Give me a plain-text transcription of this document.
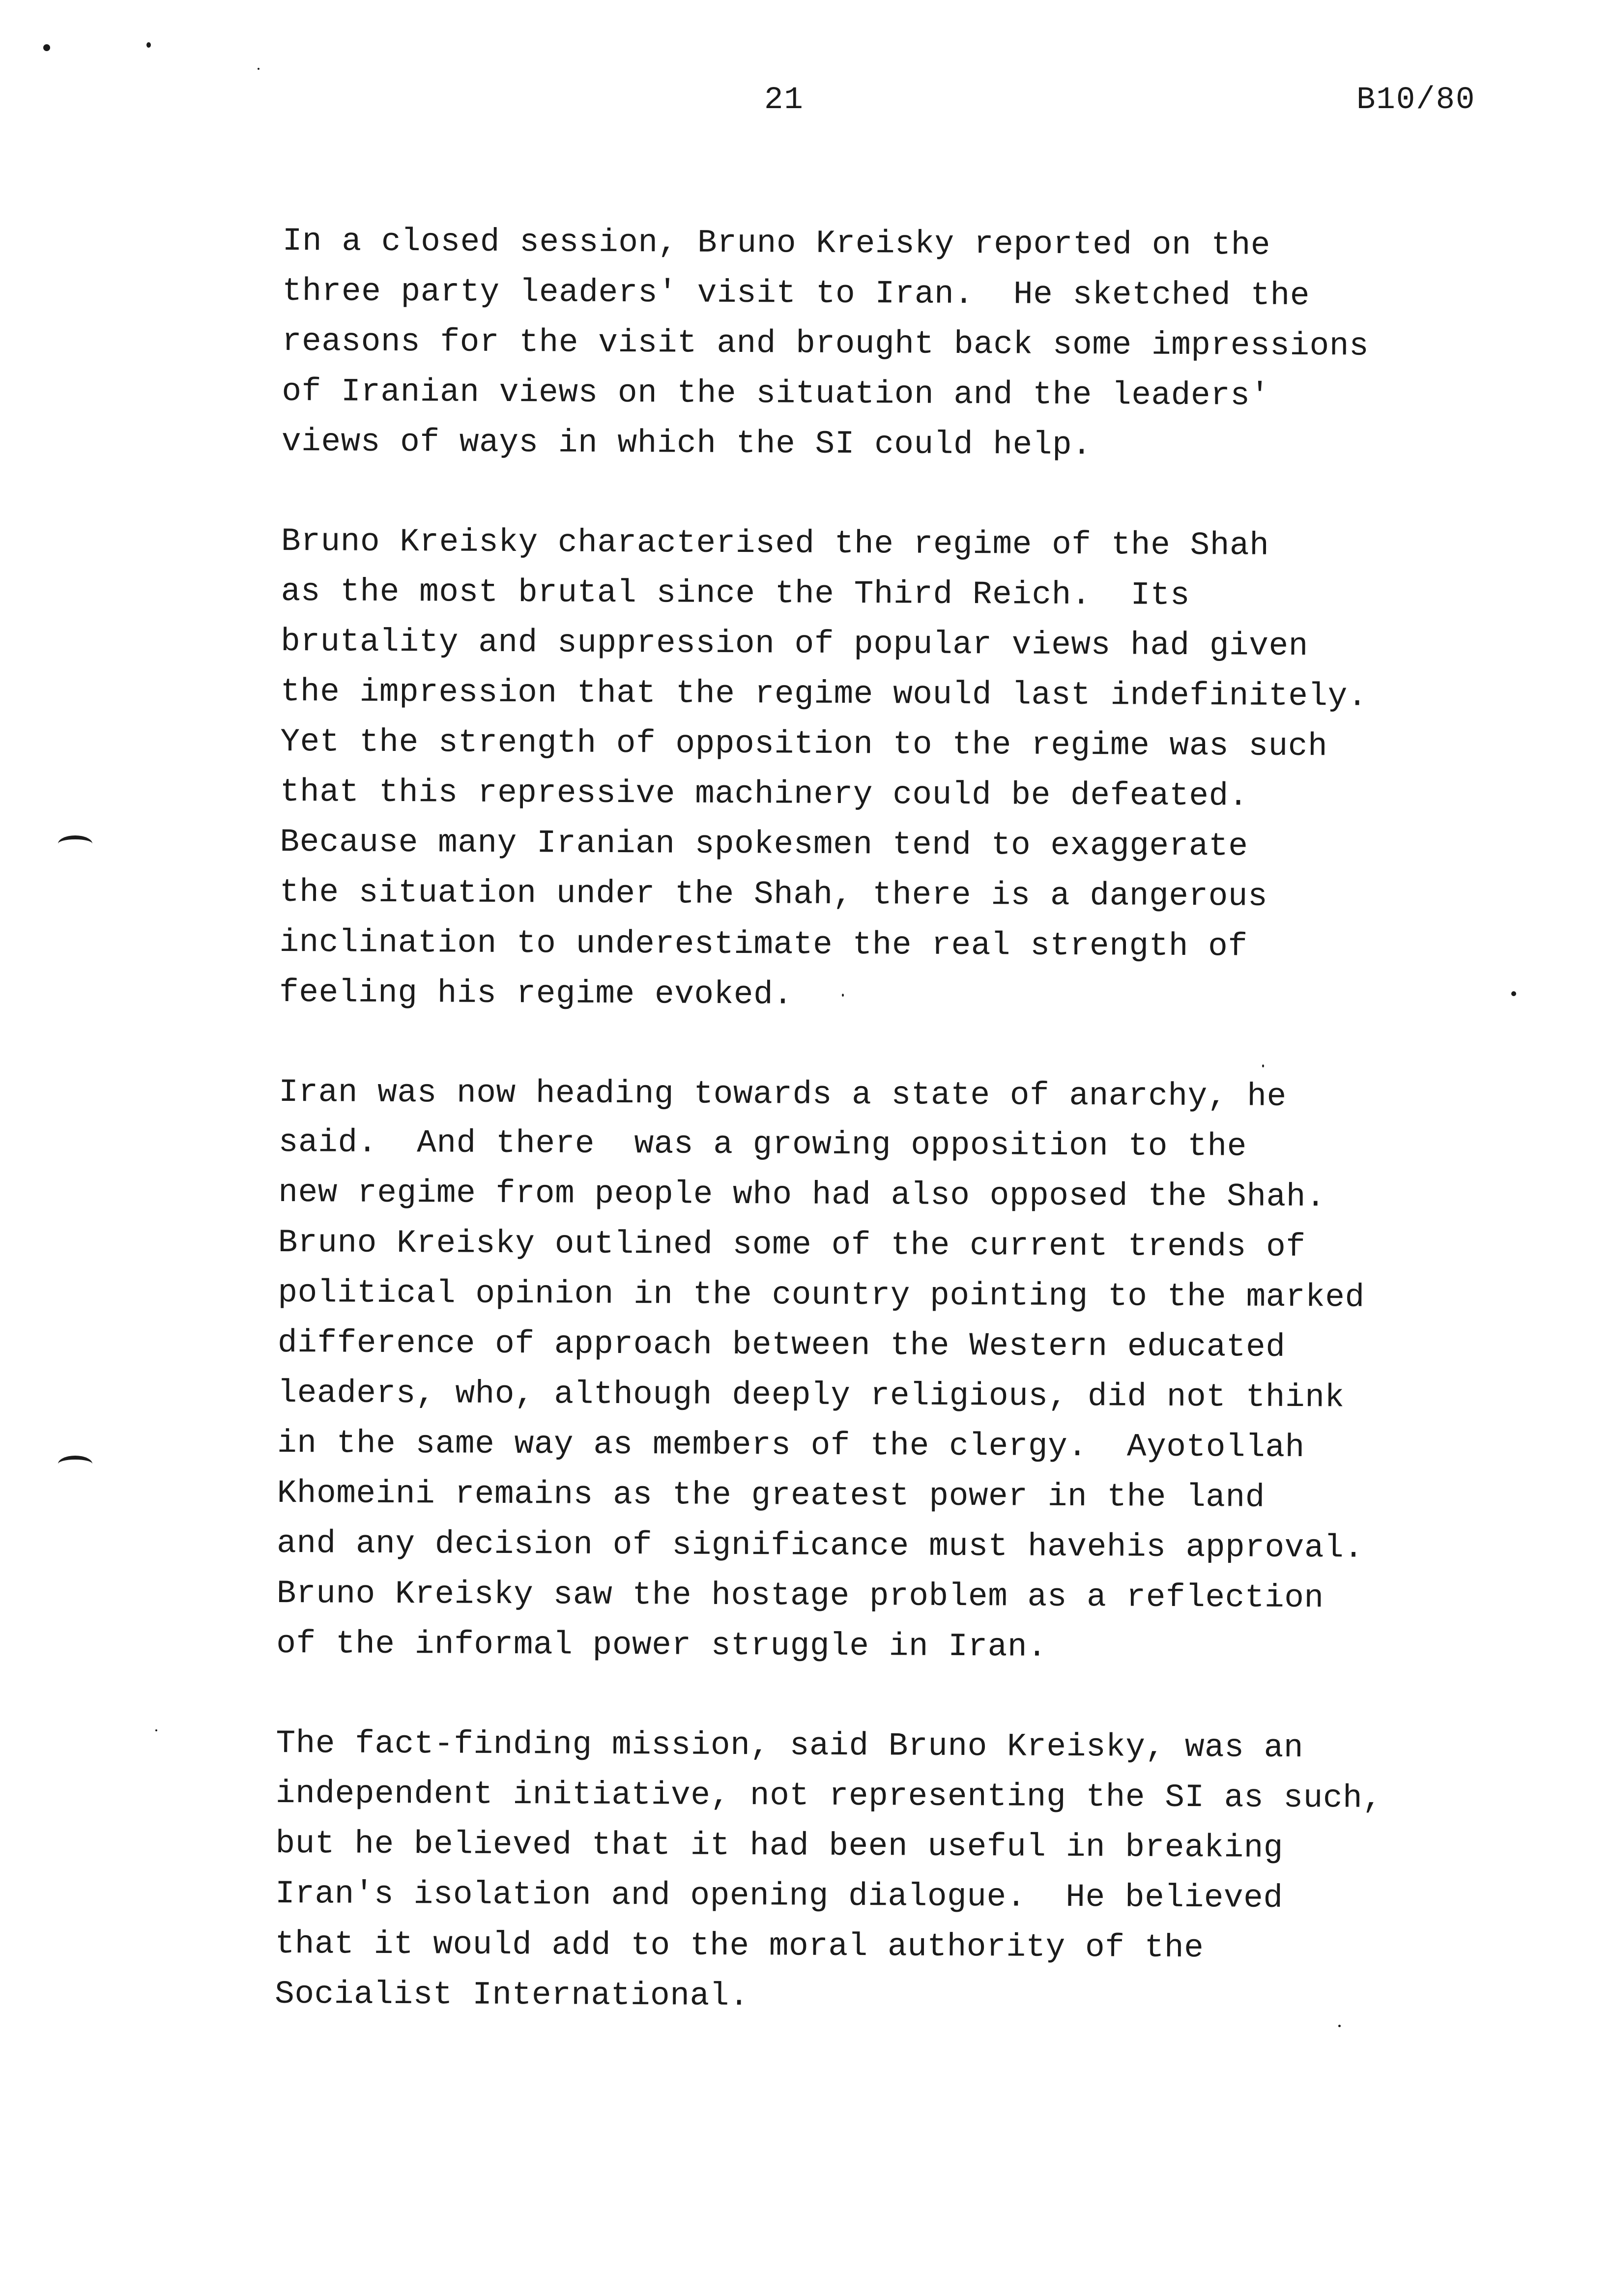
21	B10/80
In a closed session, Bruno Kreisky reported on the
three party leaders' visit to Iran.  He sketched the
reasons for the visit and brought back some impressions
of Iranian views on the situation and the leaders'
views of ways in which the SI could help.
Bruno Kreisky characterised the regime of the Shah
as the most brutal since the Third Reich.  Its
brutality and suppression of popular views had given
the impression that the regime would last indefinitely.
Yet the strength of opposition to the regime was such
that this repressive machinery could be defeated.
Because many Iranian spokesmen tend to exaggerate
the situation under the Shah, there is a dangerous
inclination to underestimate the real strength of
feeling his regime evoked.
Iran was now heading towards a state of anarchy, he
said.  And there  was a growing opposition to the
new regime from people who had also opposed the Shah.
Bruno Kreisky outlined some of the current trends of
political opinion in the country pointing to the marked
difference of approach between the Western educated
leaders, who, although deeply religious, did not think
in the same way as members of the clergy.  Ayotollah
Khomeini remains as the greatest power in the land
and any decision of significance must havehis approval.
Bruno Kreisky saw the hostage problem as a reflection
of the informal power struggle in Iran.
The fact-finding mission, said Bruno Kreisky, was an
independent initiative, not representing the SI as such,
but he believed that it had been useful in breaking
Iran's isolation and opening dialogue.  He believed
that it would add to the moral authority of the
Socialist International.
